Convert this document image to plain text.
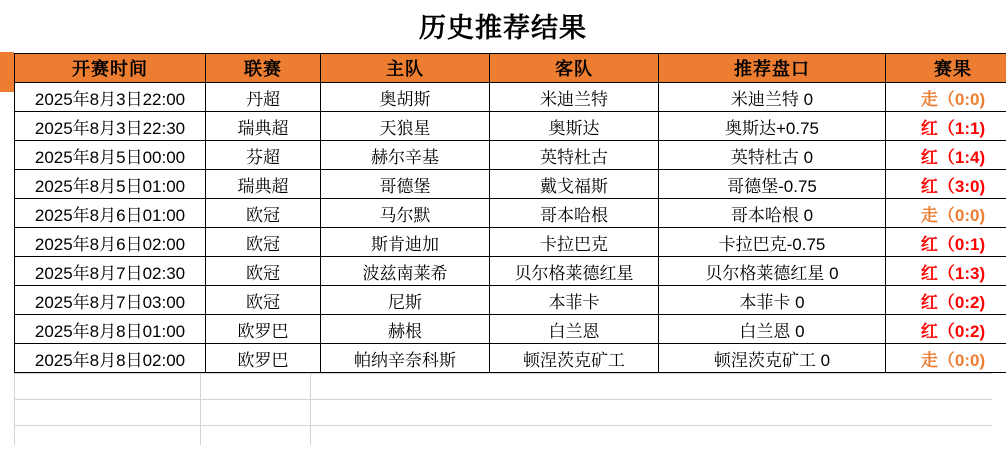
历史推荐结果
开赛时间	联赛	主队	客队	推荐盘口	赛果
2025年8月3日22:00	丹超	奥胡斯	米迪兰特	米迪兰特 0	走（0:0)
2025年8月3日22:30	瑞典超	天狼星	奥斯达	奥斯达+0.75	红（1:1)
2025年8月5日00:00	芬超	赫尔辛基	英特杜古	英特杜古 0	红（1:4)
2025年8月5日01:00	瑞典超	哥德堡	戴戈福斯	哥德堡-0.75	红（3:0)
2025年8月6日01:00	欧冠	马尔默	哥本哈根	哥本哈根 0	走（0:0)
2025年8月6日02:00	欧冠	斯肯迪加	卡拉巴克	卡拉巴克-0.75	红（0:1)
2025年8月7日02:30	欧冠	波兹南莱希	贝尔格莱德红星	贝尔格莱德红星 0	红（1:3)
2025年8月7日03:00	欧冠	尼斯	本菲卡	本菲卡 0	红（0:2)
2025年8月8日01:00	欧罗巴	赫根	白兰恩	白兰恩 0	红（0:2)
2025年8月8日02:00	欧罗巴	帕纳辛奈科斯	顿涅茨克矿工	顿涅茨克矿工 0	走（0:0)
